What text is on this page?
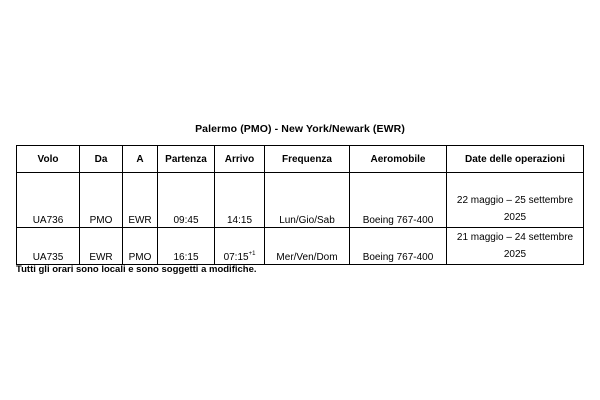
Palermo (PMO) - New York/Newark (EWR)
Volo	Da	A	Partenza	Arrivo	Frequenza	Aeromobile	Date delle operazioni
UA736	PMO	EWR	09:45	14:15	Lun/Gio/Sab	Boeing 767-400	22 maggio – 25 settembre
2025
UA735	EWR	PMO	16:15	$07:15^{+1}$	Mer/Ven/Dom	Boeing 767-400	21 maggio – 24 settembre
2025
Tutti gli orari sono locali e sono soggetti a modifiche.
